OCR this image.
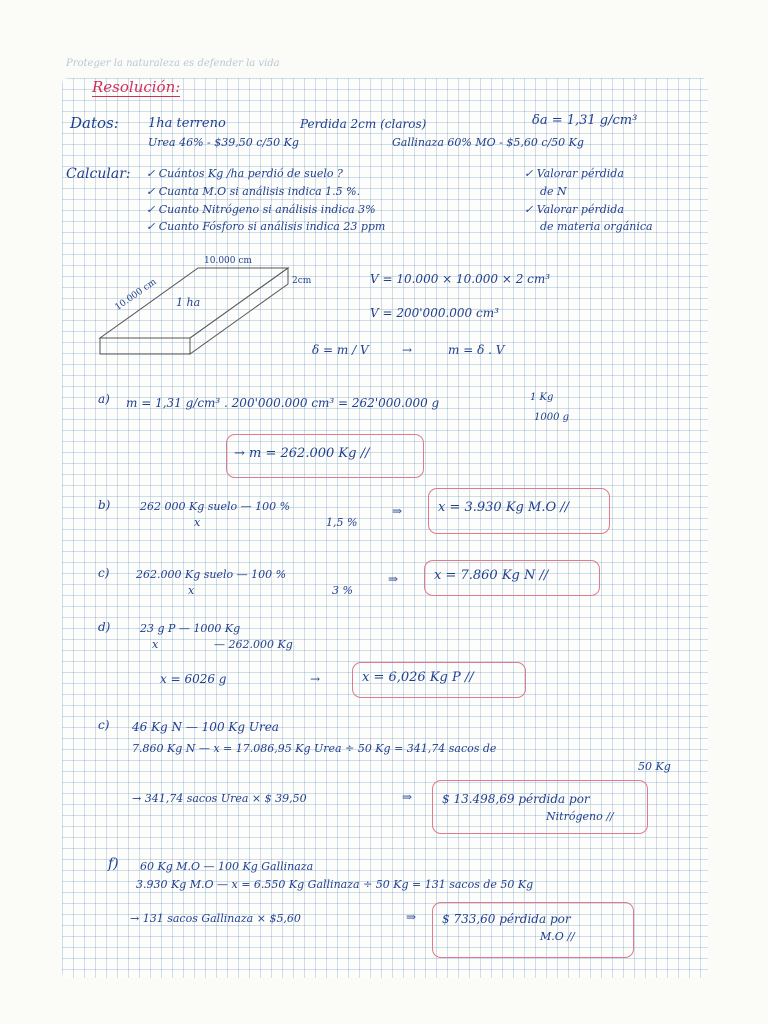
Proteger la naturaleza es defender la vida
Resolución:
Datos: 1ha terreno	Perdida 2cm (claros)	δa = 1,31 g/cm³
Urea 46% - $39,50 c/50 Kg	Gallinaza 60% MO - $5,60 c/50 Kg
Calcular: ✓ Cuántos Kg /ha perdió de suelo ?
✓ Cuanta M.O si análisis indica 1.5 %.
✓ Cuanto Nitrógeno si análisis indica 3%
✓ Cuanto Fósforo si análisis indica 23 ppm
✓ Valorar pérdida
de N
✓ Valorar pérdida
de materia orgánica
10.000 cm
10.000 cm	2cm
1 ha
V = 10.000 × 10.000 × 2 cm³
V = 200'000.000 cm³
δ = m / V	→	m = δ . V
a) m = 1,31 g/cm³ . 200'000.000 cm³ = 262'000.000 g	1 Kg
1000 g
→ m = 262.000 Kg //
b)	262 000 Kg suelo — 100 %
x	1,5 %
⇒	x = 3.930 Kg M.O //
c) 262.000 Kg suelo — 100 %
x	3 %
⇒	x = 7.860 Kg N //
d)	23 g P — 1000 Kg
x	— 262.000 Kg
x = 6026 g	→	x = 6,026 Kg P //
c) 46 Kg N — 100 Kg Urea
7.860 Kg N — x = 17.086,95 Kg Urea ÷ 50 Kg = 341,74 sacos de
50 Kg
→ 341,74 sacos Urea × $ 39,50	⇒ $ 13.498,69 pérdida por
Nitrógeno //
f) 60 Kg M.O — 100 Kg Gallinaza
3.930 Kg M.O — x = 6.550 Kg Gallinaza ÷ 50 Kg = 131 sacos de 50 Kg
→ 131 sacos Gallinaza × $5,60	⇒ $ 733,60 pérdida por
M.O //
